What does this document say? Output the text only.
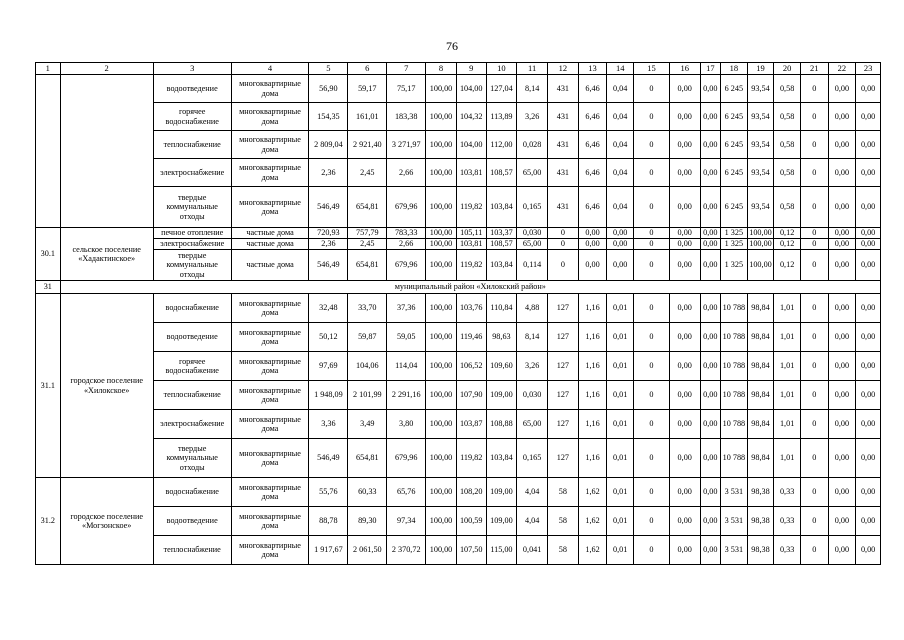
76
1	2	3	4	5	6	7	8	9	10	11	12	13	14	15	16	17	18	19	20	21	22	23
		водоотведение	многоквартирные дома	56,90	59,17	75,17	100,00	104,00	127,04	8,14	431	6,46	0,04	0	0,00	0,00	6 245	93,54	0,58	0	0,00	0,00
		горячее водоснабжение	многоквартирные дома	154,35	161,01	183,38	100,00	104,32	113,89	3,26	431	6,46	0,04	0	0,00	0,00	6 245	93,54	0,58	0	0,00	0,00
		теплоснабжение	многоквартирные дома	2 809,04	2 921,40	3 271,97	100,00	104,00	112,00	0,028	431	6,46	0,04	0	0,00	0,00	6 245	93,54	0,58	0	0,00	0,00
		электроснабжение	многоквартирные дома	2,36	2,45	2,66	100,00	103,81	108,57	65,00	431	6,46	0,04	0	0,00	0,00	6 245	93,54	0,58	0	0,00	0,00
		твердые коммунальные отходы	многоквартирные дома	546,49	654,81	679,96	100,00	119,82	103,84	0,165	431	6,46	0,04	0	0,00	0,00	6 245	93,54	0,58	0	0,00	0,00
30.1	сельское поселение «Хадактинское»	печное отопление	частные дома	720,93	757,79	783,33	100,00	105,11	103,37	0,030	0	0,00	0,00	0	0,00	0,00	1 325	100,00	0,12	0	0,00	0,00
		электроснабжение	частные дома	2,36	2,45	2,66	100,00	103,81	108,57	65,00	0	0,00	0,00	0	0,00	0,00	1 325	100,00	0,12	0	0,00	0,00
		твердые коммунальные отходы	частные дома	546,49	654,81	679,96	100,00	119,82	103,84	0,114	0	0,00	0,00	0	0,00	0,00	1 325	100,00	0,12	0	0,00	0,00
31	муниципальный район «Хилокский район»																					
31.1	городское поселение «Хилокское»	водоснабжение	многоквартирные дома	32,48	33,70	37,36	100,00	103,76	110,84	4,88	127	1,16	0,01	0	0,00	0,00	10 788	98,84	1,01	0	0,00	0,00
		водоотведение	многоквартирные дома	50,12	59,87	59,05	100,00	119,46	98,63	8,14	127	1,16	0,01	0	0,00	0,00	10 788	98,84	1,01	0	0,00	0,00
		горячее водоснабжение	многоквартирные дома	97,69	104,06	114,04	100,00	106,52	109,60	3,26	127	1,16	0,01	0	0,00	0,00	10 788	98,84	1,01	0	0,00	0,00
		теплоснабжение	многоквартирные дома	1 948,09	2 101,99	2 291,16	100,00	107,90	109,00	0,030	127	1,16	0,01	0	0,00	0,00	10 788	98,84	1,01	0	0,00	0,00
		электроснабжение	многоквартирные дома	3,36	3,49	3,80	100,00	103,87	108,88	65,00	127	1,16	0,01	0	0,00	0,00	10 788	98,84	1,01	0	0,00	0,00
		твердые коммунальные отходы	многоквартирные дома	546,49	654,81	679,96	100,00	119,82	103,84	0,165	127	1,16	0,01	0	0,00	0,00	10 788	98,84	1,01	0	0,00	0,00
31.2	городское поселение «Могзонское»	водоснабжение	многоквартирные дома	55,76	60,33	65,76	100,00	108,20	109,00	4,04	58	1,62	0,01	0	0,00	0,00	3 531	98,38	0,33	0	0,00	0,00
		водоотведение	многоквартирные дома	88,78	89,30	97,34	100,00	100,59	109,00	4,04	58	1,62	0,01	0	0,00	0,00	3 531	98,38	0,33	0	0,00	0,00
		теплоснабжение	многоквартирные дома	1 917,67	2 061,50	2 370,72	100,00	107,50	115,00	0,041	58	1,62	0,01	0	0,00	0,00	3 531	98,38	0,33	0	0,00	0,00
